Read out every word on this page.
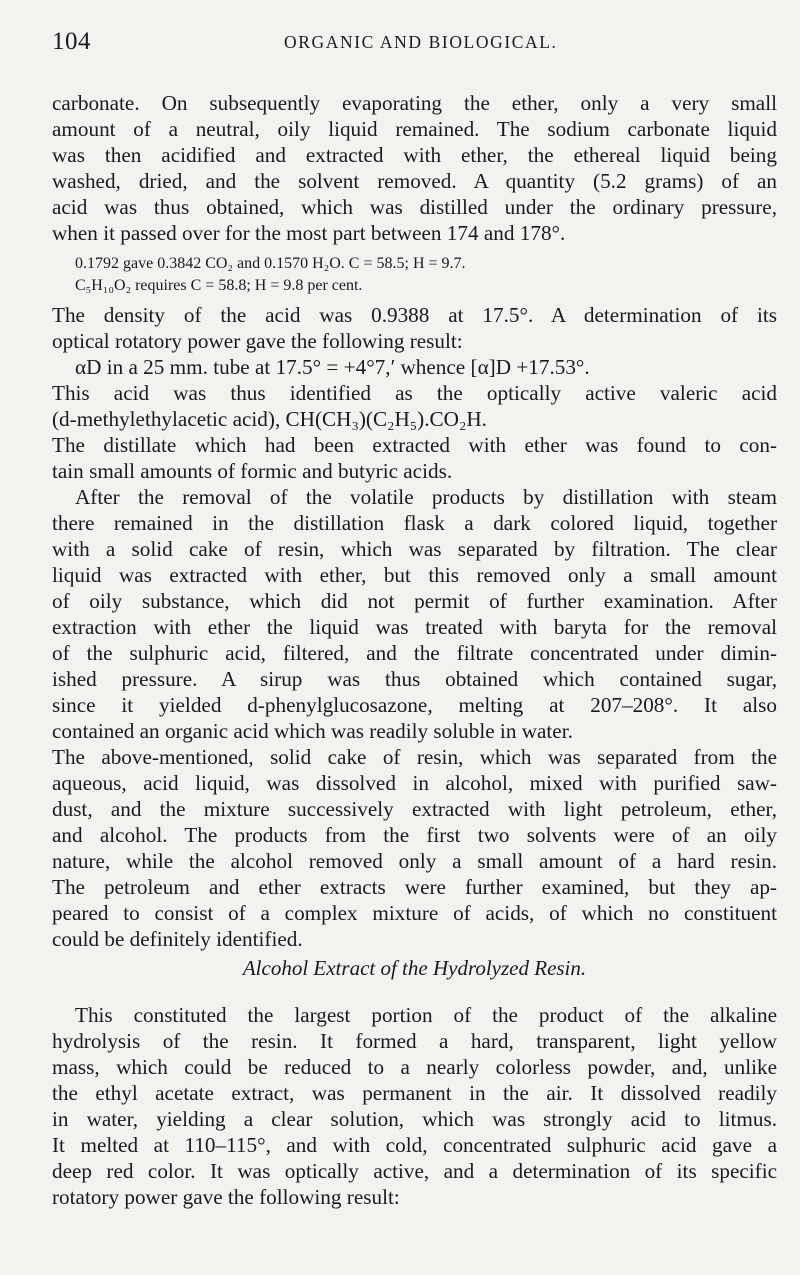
104	ORGANIC AND BIOLOGICAL.
carbonate. On subsequently evaporating the ether, only a very small
amount of a neutral, oily liquid remained. The sodium carbonate liquid
was then acidified and extracted with ether, the ethereal liquid being
washed, dried, and the solvent removed. A quantity (5.2 grams) of an
acid was thus obtained, which was distilled under the ordinary pressure,
when it passed over for the most part between 174 and 178°.
0.1792 gave 0.3842 CO₂ and 0.1570 H₂O. C = 58.5; H = 9.7.
C₅H₁₀O₂ requires C = 58.8; H = 9.8 per cent.
The density of the acid was 0.9388 at 17.5°. A determination of its
optical rotatory power gave the following result:
αD in a 25 mm. tube at 17.5° = +4°7,′ whence [α]D +17.53°.
This acid was thus identified as the optically active valeric acid
(d-methylethylacetic acid), CH(CH₃)(C₂H₅).CO₂H.
The distillate which had been extracted with ether was found to con-
tain small amounts of formic and butyric acids.
After the removal of the volatile products by distillation with steam
there remained in the distillation flask a dark colored liquid, together
with a solid cake of resin, which was separated by filtration. The clear
liquid was extracted with ether, but this removed only a small amount
of oily substance, which did not permit of further examination. After
extraction with ether the liquid was treated with baryta for the removal
of the sulphuric acid, filtered, and the filtrate concentrated under dimin-
ished pressure. A sirup was thus obtained which contained sugar,
since it yielded d-phenylglucosazone, melting at 207–208°. It also
contained an organic acid which was readily soluble in water.
The above-mentioned, solid cake of resin, which was separated from the
aqueous, acid liquid, was dissolved in alcohol, mixed with purified saw-
dust, and the mixture successively extracted with light petroleum, ether,
and alcohol. The products from the first two solvents were of an oily
nature, while the alcohol removed only a small amount of a hard resin.
The petroleum and ether extracts were further examined, but they ap-
peared to consist of a complex mixture of acids, of which no constituent
could be definitely identified.
Alcohol Extract of the Hydrolyzed Resin.
This constituted the largest portion of the product of the alkaline
hydrolysis of the resin. It formed a hard, transparent, light yellow
mass, which could be reduced to a nearly colorless powder, and, unlike
the ethyl acetate extract, was permanent in the air. It dissolved readily
in water, yielding a clear solution, which was strongly acid to litmus.
It melted at 110–115°, and with cold, concentrated sulphuric acid gave a
deep red color. It was optically active, and a determination of its specific
rotatory power gave the following result:
